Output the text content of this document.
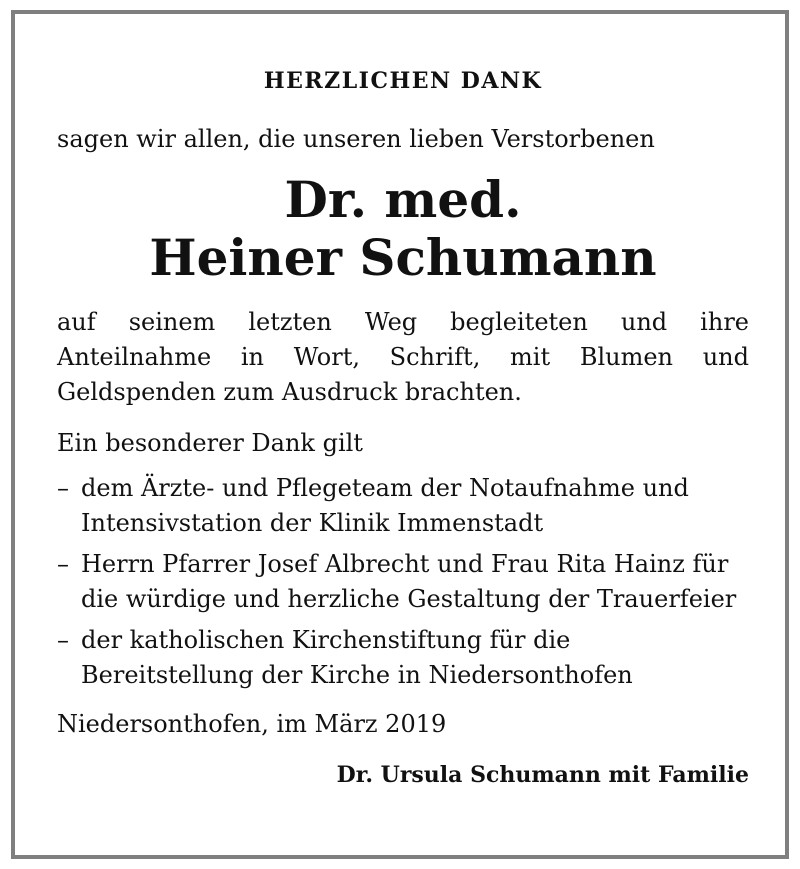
HERZLICHEN DANK

sagen wir allen, die unseren lieben Verstorbenen

Dr. med.
Heiner Schumann

auf seinem letzten Weg begleiteten und ihre Anteilnahme in Wort, Schrift, mit Blumen und Geldspenden zum Ausdruck brachten.

Ein besonderer Dank gilt

– dem Ärzte- und Pflegeteam der Notaufnahme und Intensivstation der Klinik Immenstadt
– Herrn Pfarrer Josef Albrecht und Frau Rita Hainz für die würdige und herzliche Gestaltung der Trauerfeier
– der katholischen Kirchenstiftung für die Bereitstellung der Kirche in Niedersonthofen

Niedersonthofen, im März 2019

Dr. Ursula Schumann mit Familie
